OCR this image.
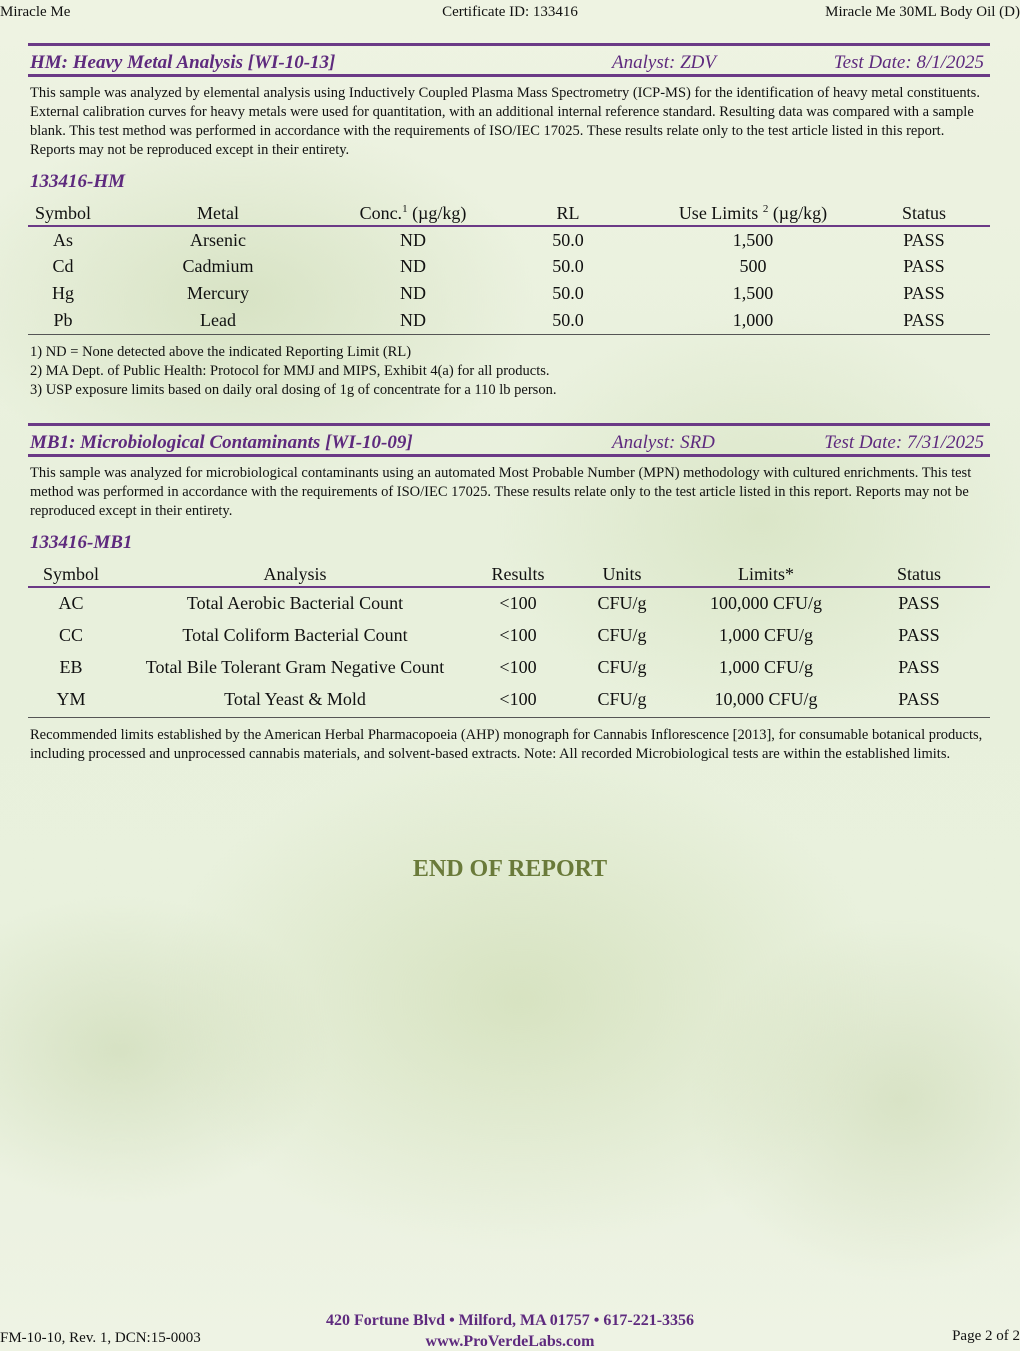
Miracle Me	Certificate ID: 133416	Miracle Me 30ML Body Oil (D)
HM: Heavy Metal Analysis [WI-10-13]	Analyst: ZDV	Test Date: 8/1/2025
This sample was analyzed by elemental analysis using Inductively Coupled Plasma Mass Spectrometry (ICP-MS) for the identification of heavy metal constituents. External calibration curves for heavy metals were used for quantitation, with an additional internal reference standard. Resulting data was compared with a sample blank. This test method was performed in accordance with the requirements of ISO/IEC 17025. These results relate only to the test article listed in this report. Reports may not be reproduced except in their entirety.
133416-HM
Symbol	Metal	Conc.$^1$ (µg/kg)	RL	Use Limits $^2$ (µg/kg)	Status
As	Arsenic	ND	50.0	1,500	PASS
Cd	Cadmium	ND	50.0	500	PASS
Hg	Mercury	ND	50.0	1,500	PASS
Pb	Lead	ND	50.0	1,000	PASS
1) ND = None detected above the indicated Reporting Limit (RL)
2) MA Dept. of Public Health: Protocol for MMJ and MIPS, Exhibit 4(a) for all products.
3) USP exposure limits based on daily oral dosing of 1g of concentrate for a 110 lb person.
MB1: Microbiological Contaminants [WI-10-09]	Analyst: SRD	Test Date: 7/31/2025
This sample was analyzed for microbiological contaminants using an automated Most Probable Number (MPN) methodology with cultured enrichments. This test method was performed in accordance with the requirements of ISO/IEC 17025. These results relate only to the test article listed in this report. Reports may not be reproduced except in their entirety.
133416-MB1
Symbol	Analysis	Results	Units	Limits*	Status
AC	Total Aerobic Bacterial Count	<100	CFU/g	100,000 CFU/g	PASS
CC	Total Coliform Bacterial Count	<100	CFU/g	1,000 CFU/g	PASS
EB	Total Bile Tolerant Gram Negative Count	<100	CFU/g	1,000 CFU/g	PASS
YM	Total Yeast & Mold	<100	CFU/g	10,000 CFU/g	PASS
Recommended limits established by the American Herbal Pharmacopoeia (AHP) monograph for Cannabis Inflorescence [2013], for consumable botanical products, including processed and unprocessed cannabis materials, and solvent-based extracts. Note: All recorded Microbiological tests are within the established limits.
END OF REPORT
420 Fortune Blvd • Milford, MA 01757 • 617-221-3356
www.ProVerdeLabs.com
FM-10-10, Rev. 1, DCN:15-0003	Page 2 of 2
